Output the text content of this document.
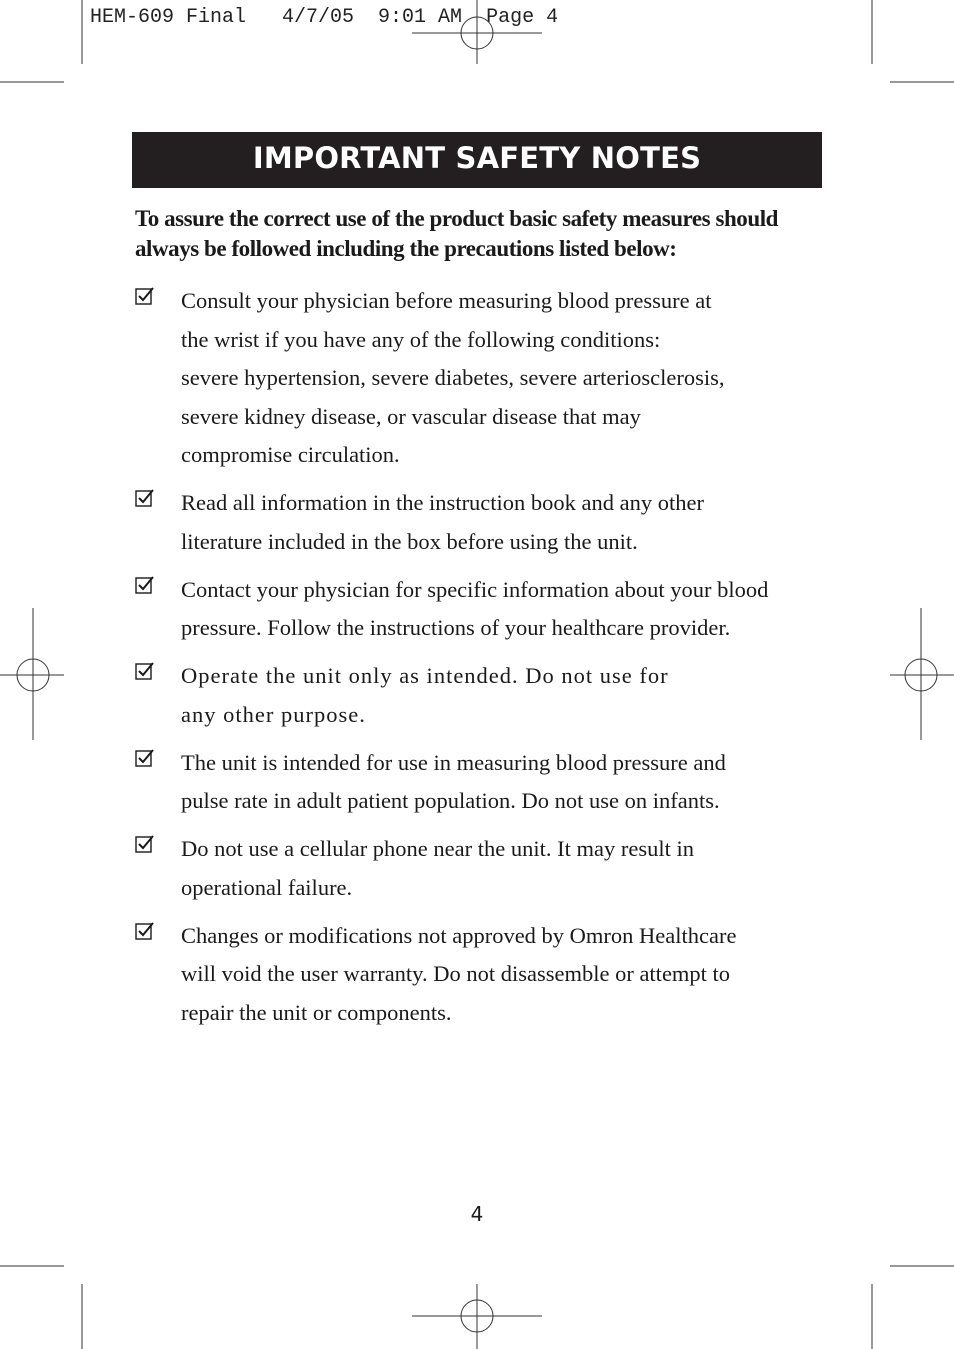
HEM-609 Final   4/7/05  9:01 AM  Page 4
IMPORTANT SAFETY NOTES

To assure the correct use of the product basic safety measures should always be followed including the precautions listed below:

Consult your physician before measuring blood pressure at
the wrist if you have any of the following conditions:
severe hypertension, severe diabetes, severe arteriosclerosis,
severe kidney disease, or vascular disease that may
compromise circulation.
Read all information in the instruction book and any other
literature included in the box before using the unit.
Contact your physician for specific information about your blood
pressure. Follow the instructions of your healthcare provider.
Operate the unit only as intended. Do not use for
any other purpose.
The unit is intended for use in measuring blood pressure and
pulse rate in adult patient population. Do not use on infants.
Do not use a cellular phone near the unit. It may result in
operational failure.
Changes or modifications not approved by Omron Healthcare
will void the user warranty. Do not disassemble or attempt to
repair the unit or components.

4
